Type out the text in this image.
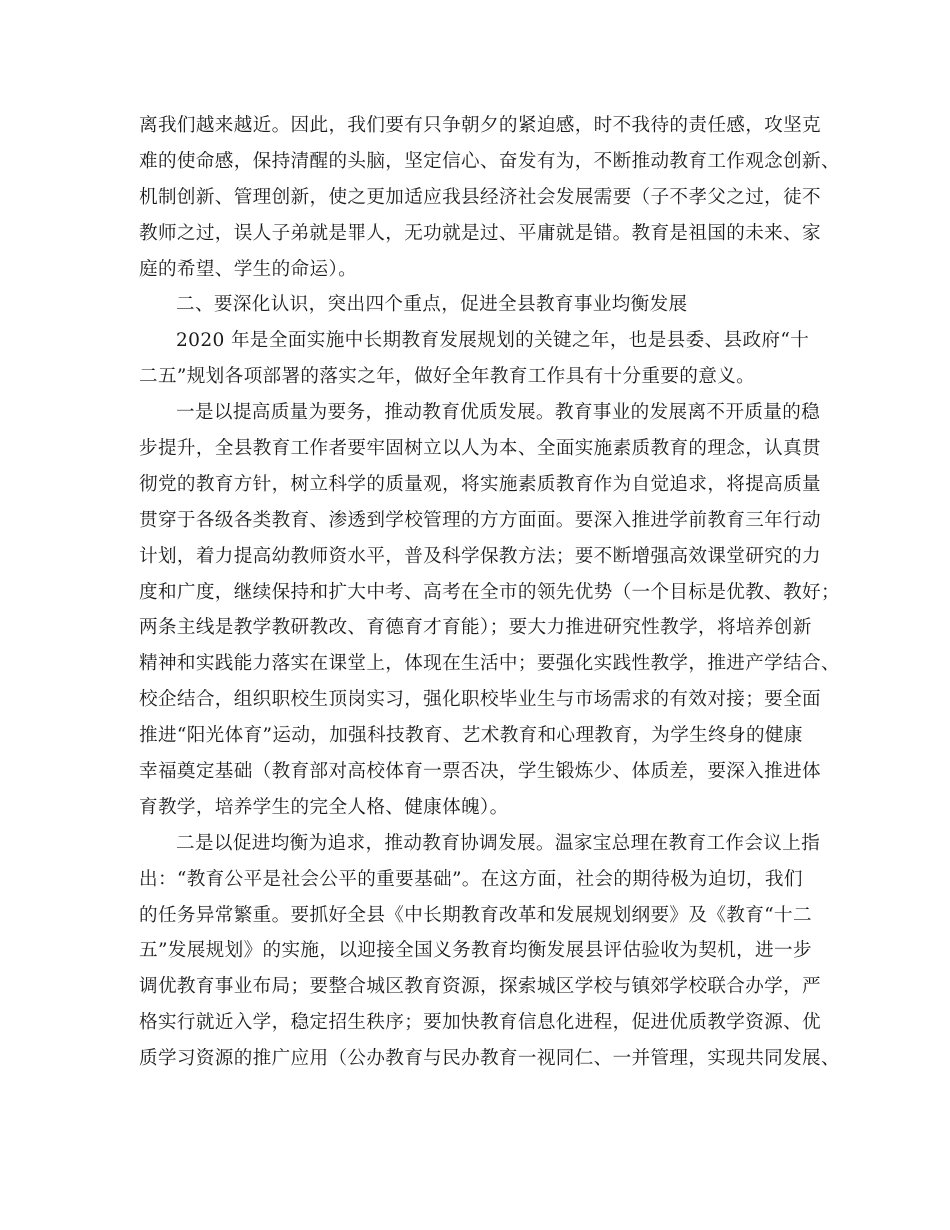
离我们越来越近。因此，我们要有只争朝夕的紧迫感，时不我待的责任感，攻坚克
难的使命感，保持清醒的头脑，坚定信心、奋发有为，不断推动教育工作观念创新、
机制创新、管理创新，使之更加适应我县经济社会发展需要（子不孝父之过，徒不
教师之过，误人子弟就是罪人，无功就是过、平庸就是错。教育是祖国的未来、家
庭的希望、学生的命运）。
二、要深化认识，突出四个重点，促进全县教育事业均衡发展
2020 年是全面实施中长期教育发展规划的关键之年，也是县委、县政府“十
二五”规划各项部署的落实之年，做好全年教育工作具有十分重要的意义。
一是以提高质量为要务，推动教育优质发展。教育事业的发展离不开质量的稳
步提升，全县教育工作者要牢固树立以人为本、全面实施素质教育的理念，认真贯
彻党的教育方针，树立科学的质量观，将实施素质教育作为自觉追求，将提高质量
贯穿于各级各类教育、渗透到学校管理的方方面面。要深入推进学前教育三年行动
计划，着力提高幼教师资水平，普及科学保教方法；要不断增强高效课堂研究的力
度和广度，继续保持和扩大中考、高考在全市的领先优势（一个目标是优教、教好；
两条主线是教学教研教改、育德育才育能）；要大力推进研究性教学，将培养创新
精神和实践能力落实在课堂上，体现在生活中；要强化实践性教学，推进产学结合、
校企结合，组织职校生顶岗实习，强化职校毕业生与市场需求的有效对接；要全面
推进“阳光体育”运动，加强科技教育、艺术教育和心理教育，为学生终身的健康
幸福奠定基础（教育部对高校体育一票否决，学生锻炼少、体质差，要深入推进体
育教学，培养学生的完全人格、健康体魄）。
二是以促进均衡为追求，推动教育协调发展。温家宝总理在教育工作会议上指
出：“教育公平是社会公平的重要基础”。在这方面，社会的期待极为迫切，我们
的任务异常繁重。要抓好全县《中长期教育改革和发展规划纲要》及《教育“十二
五”发展规划》的实施，以迎接全国义务教育均衡发展县评估验收为契机，进一步
调优教育事业布局；要整合城区教育资源，探索城区学校与镇郊学校联合办学，严
格实行就近入学，稳定招生秩序；要加快教育信息化进程，促进优质教学资源、优
质学习资源的推广应用（公办教育与民办教育一视同仁、一并管理，实现共同发展、
